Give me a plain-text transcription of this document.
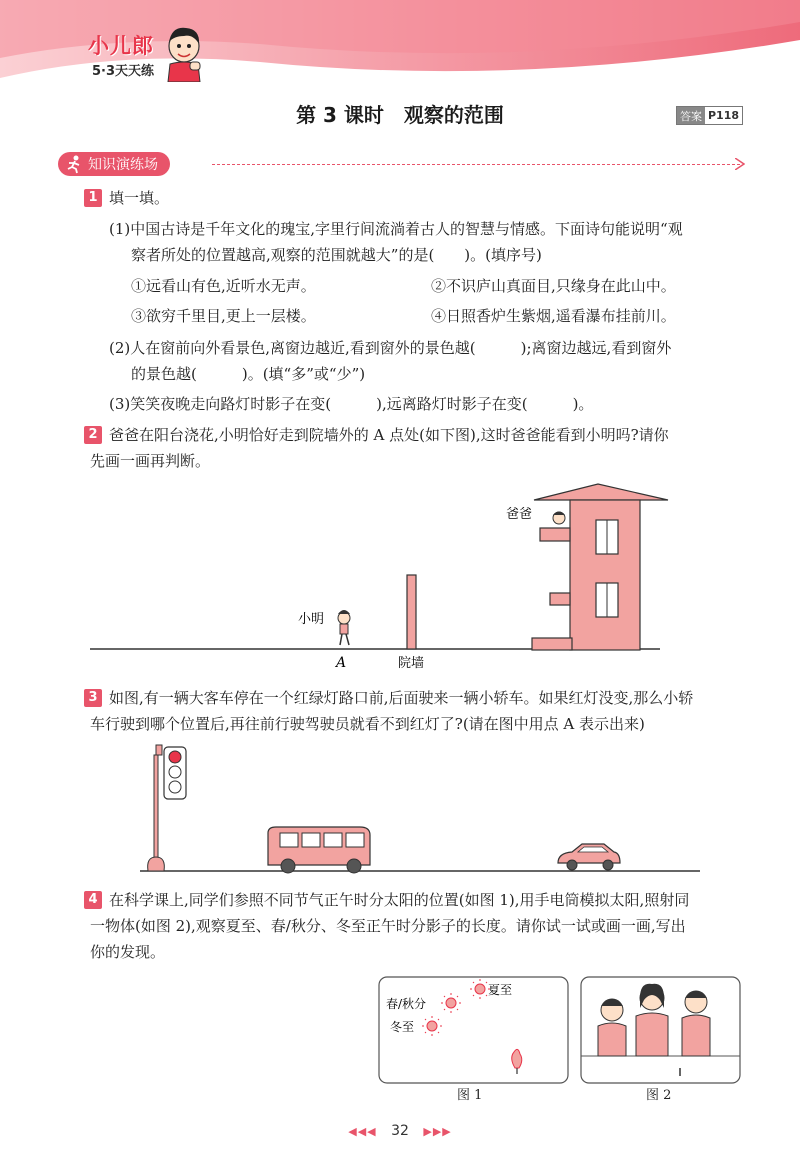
小儿郎
5·3天天练
第 3 课时　观察的范围	答案 P118
知识演练场
1 填一填。
(1)中国古诗是千年文化的瑰宝,字里行间流淌着古人的智慧与情感。下面诗句能说明“观
察者所处的位置越高,观察的范围就越大”的是(　　)。(填序号)
①远看山有色,近听水无声。	②不识庐山真面目,只缘身在此山中。
③欲穷千里目,更上一层楼。	④日照香炉生紫烟,遥看瀑布挂前川。
(2)人在窗前向外看景色,离窗边越近,看到窗外的景色越(　　　);离窗边越远,看到窗外
的景色越(　　　)。(填“多”或“少”)
(3)笑笑夜晚走向路灯时影子在变(　　　),远离路灯时影子在变(　　　)。
2 爸爸在阳台浇花,小明恰好走到院墙外的 A 点处(如下图),这时爸爸能看到小明吗?请你
先画一画再判断。
小明
A	院墙
爸爸
3 如图,有一辆大客车停在一个红绿灯路口前,后面驶来一辆小轿车。如果红灯没变,那么小轿
车行驶到哪个位置后,再往前行驶驾驶员就看不到红灯了?(请在图中用点 A 表示出来)
4 在科学课上,同学们参照不同节气正午时分太阳的位置(如图 1),用手电筒模拟太阳,照射同
一物体(如图 2),观察夏至、春/秋分、冬至正午时分影子的长度。请你试一试或画一画,写出
你的发现。
夏至
春/秋分
冬至
图 1	图 2
◀◀◀ 32 ▶▶▶
